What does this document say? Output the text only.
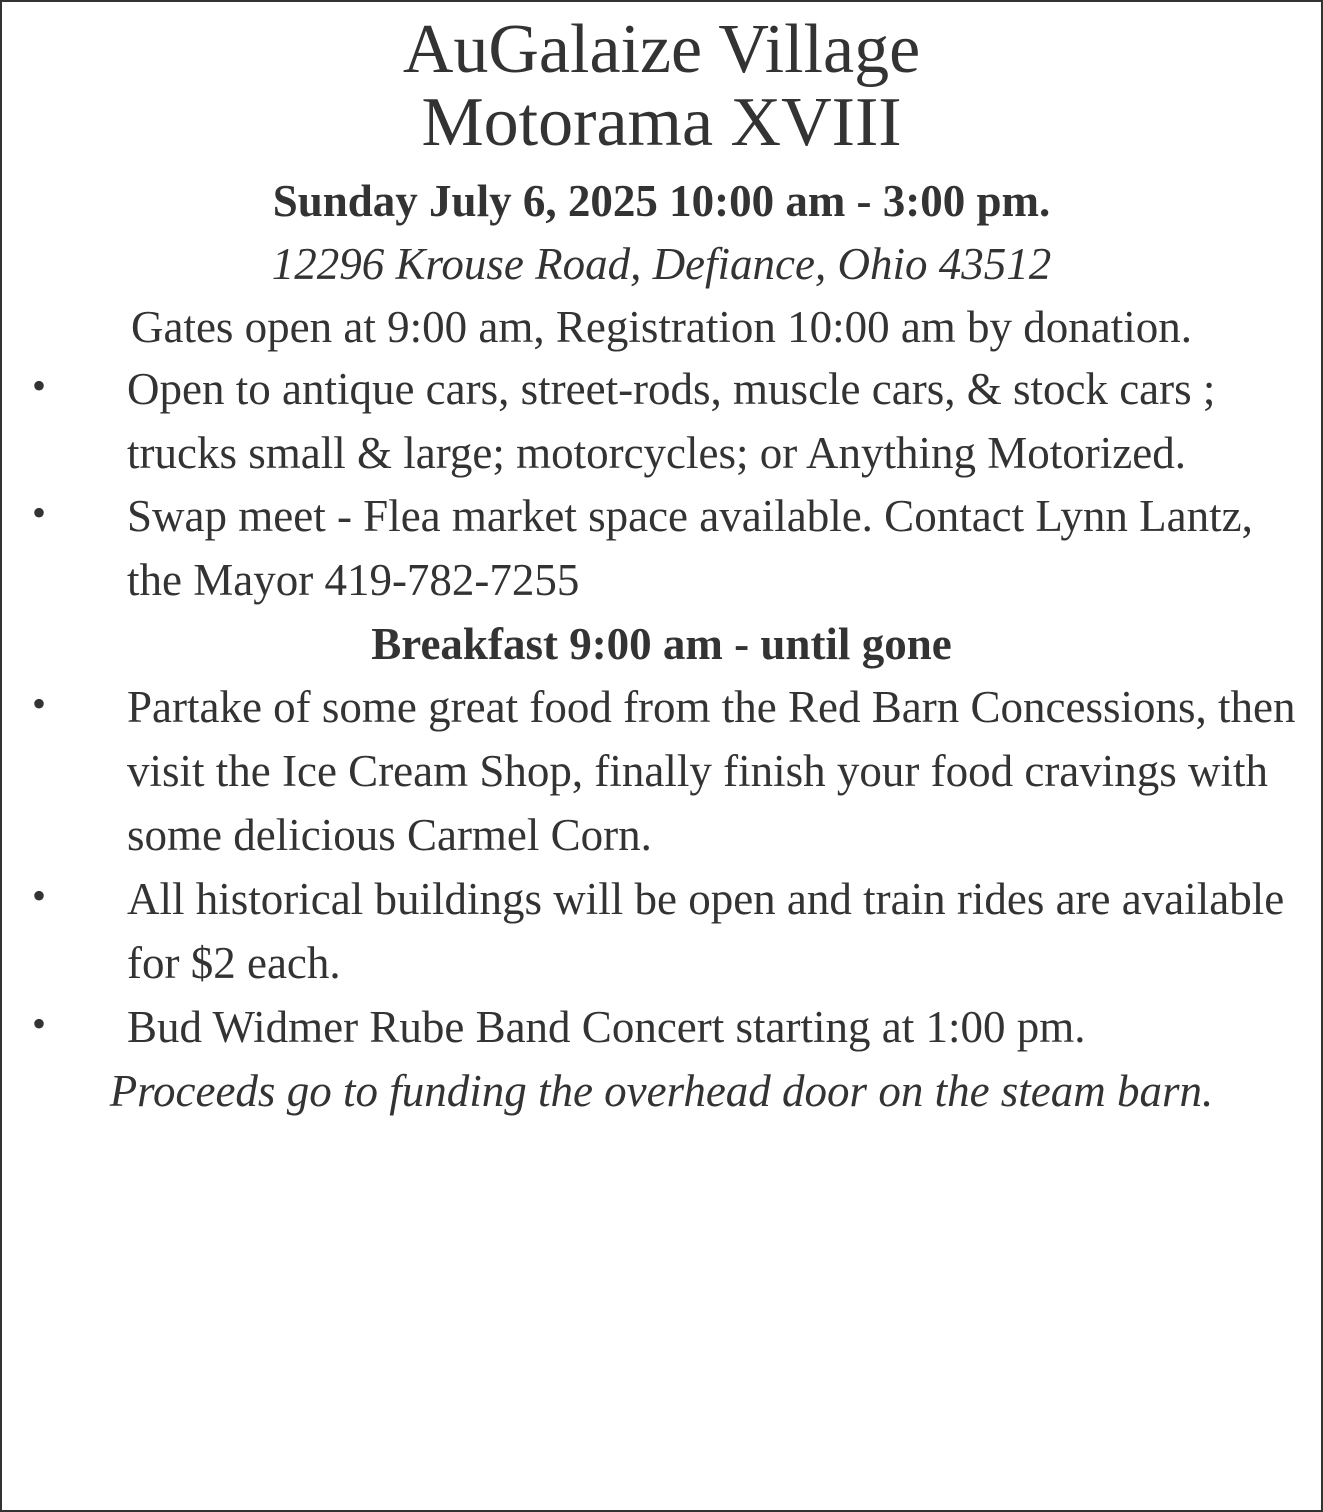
AuGalaize Village
Motorama XVIII
Sunday July 6, 2025 10:00 am - 3:00 pm.
12296 Krouse Road, Defiance, Ohio 43512
Gates open at 9:00 am, Registration 10:00 am by donation.
• Open to antique cars, street-rods, muscle cars, & stock cars ; trucks small & large; motorcycles; or Anything Motorized.
• Swap meet - Flea market space available. Contact Lynn Lantz, the Mayor 419-782-7255
Breakfast 9:00 am - until gone
• Partake of some great food from the Red Barn Concessions, then visit the Ice Cream Shop, finally finish your food cravings with some delicious Carmel Corn.
• All historical buildings will be open and train rides are available for $2 each.
• Bud Widmer Rube Band Concert starting at 1:00 pm.
Proceeds go to funding the overhead door on the steam barn.
